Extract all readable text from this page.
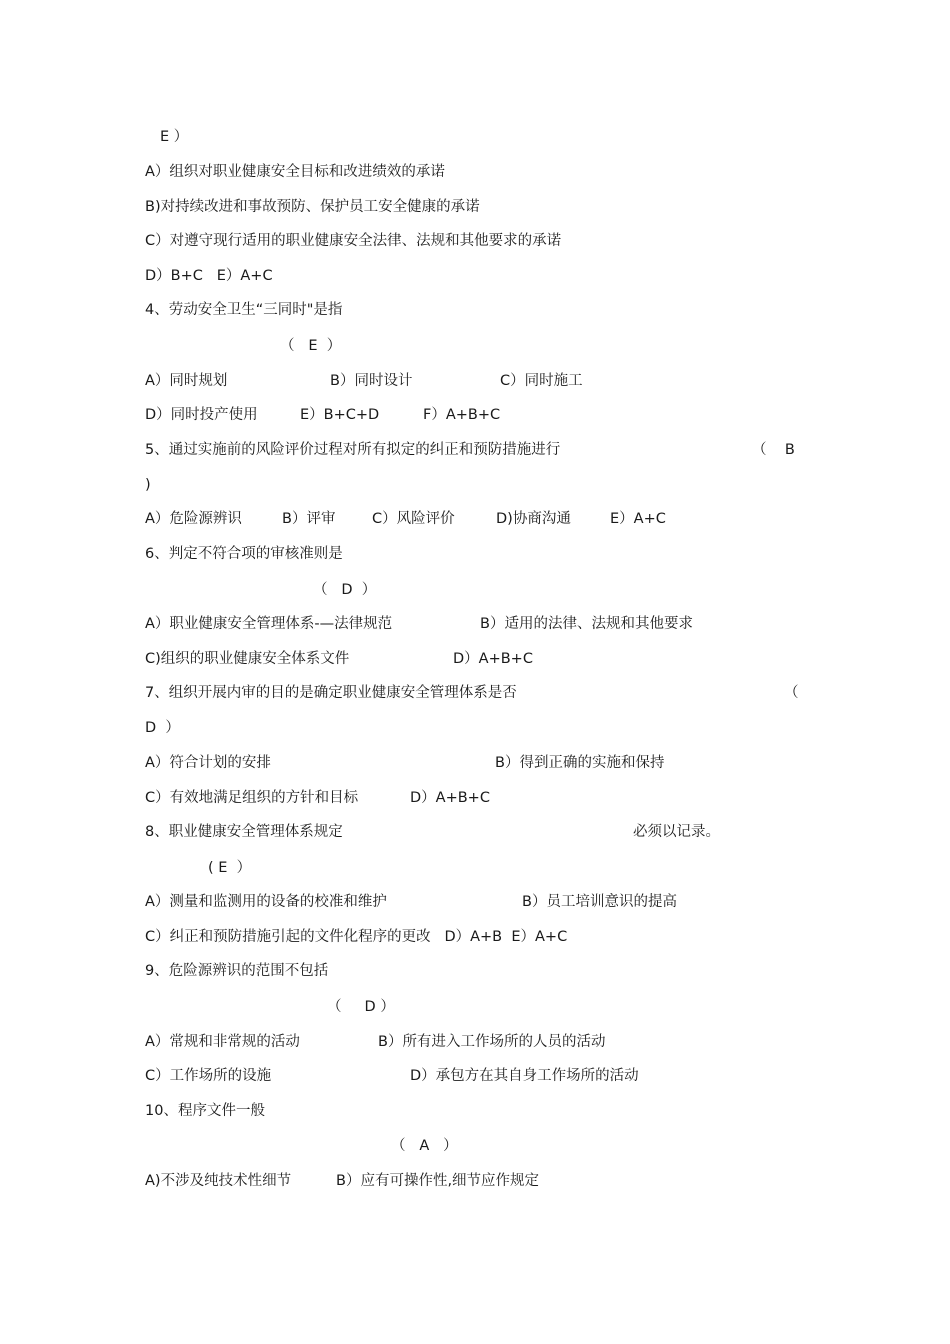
E ）
A）组织对职业健康安全目标和改进绩效的承诺
B)对持续改进和事故预防、保护员工安全健康的承诺
C）对遵守现行适用的职业健康安全法律、法规和其他要求的承诺
D）B+C   E）A+C
4、劳动安全卫生“三同时"是指
（   E  ）
A）同时规划	B）同时设计	C）同时施工
D）同时投产使用	E）B+C+D	F）A+B+C
5、通过实施前的风险评价过程对所有拟定的纠正和预防措施进行	（    B
)
A）危险源辨识	B）评审	C）风险评价	D)协商沟通	E）A+C
6、判定不符合项的审核准则是
（   D  ）
A）职业健康安全管理体系-—法律规范	B）适用的法律、法规和其他要求
C)组织的职业健康安全体系文件	D）A+B+C
7、组织开展内审的目的是确定职业健康安全管理体系是否	（
D  ）
A）符合计划的安排	B）得到正确的实施和保持
C）有效地满足组织的方针和目标	D）A+B+C
8、职业健康安全管理体系规定	必须以记录。
( E  ）
A）测量和监测用的设备的校准和维护	B）员工培训意识的提高
C）纠正和预防措施引起的文件化程序的更改   D）A+B  E）A+C
9、危险源辨识的范围不包括
（     D ）
A）常规和非常规的活动	B）所有进入工作场所的人员的活动
C）工作场所的设施	D）承包方在其自身工作场所的活动
10、程序文件一般
（   A   ）
A)不涉及纯技术性细节	B）应有可操作性,细节应作规定
